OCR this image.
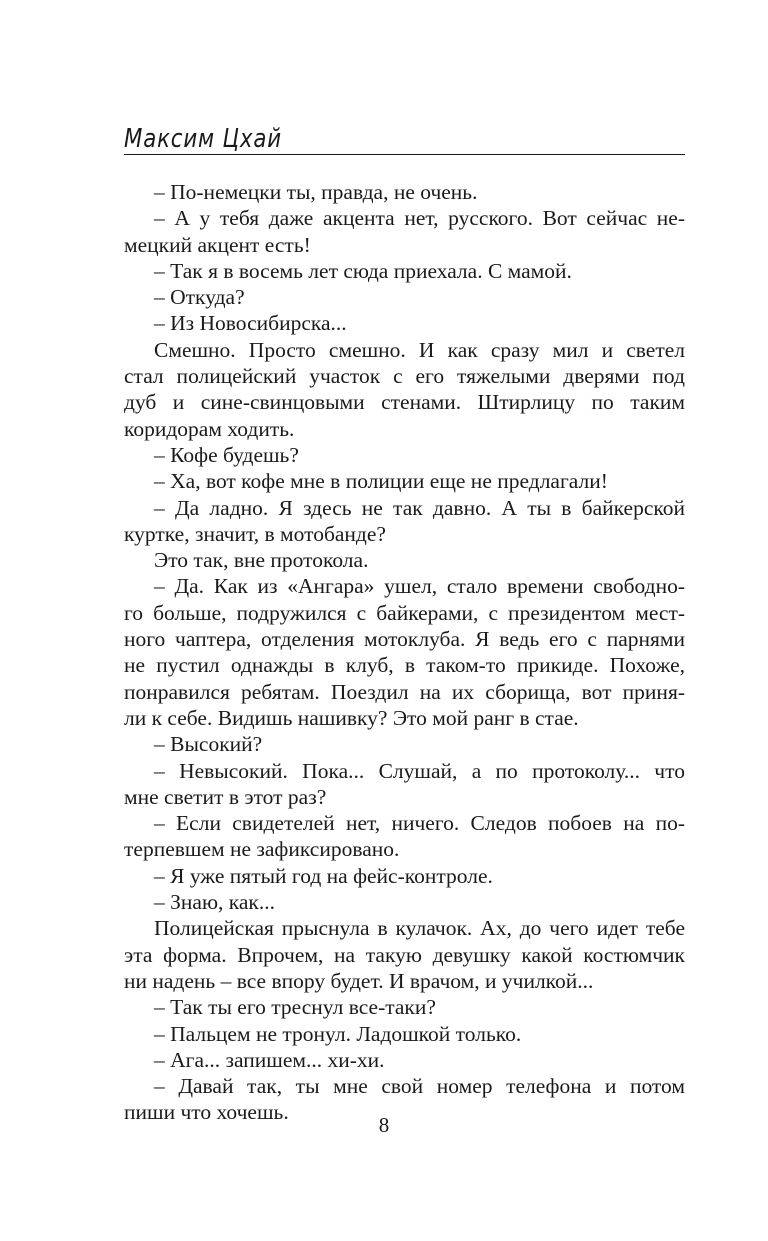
Максим Цхай
– По-немецки ты, правда, не очень.
– А у тебя даже акцента нет, русского. Вот сейчас не-
мецкий акцент есть!
– Так я в восемь лет сюда приехала. С мамой.
– Откуда?
– Из Новосибирска...
Смешно. Просто смешно. И как сразу мил и светел
стал полицейский участок с его тяжелыми дверями под
дуб и сине-свинцовыми стенами. Штирлицу по таким
коридорам ходить.
– Кофе будешь?
– Ха, вот кофе мне в полиции еще не предлагали!
– Да ладно. Я здесь не так давно. А ты в байкерской
куртке, значит, в мотобанде?
Это так, вне протокола.
– Да. Как из «Ангара» ушел, стало времени свободно-
го больше, подружился с байкерами, с президентом мест-
ного чаптера, отделения мотоклуба. Я ведь его с парнями
не пустил однажды в клуб, в таком-то прикиде. Похоже,
понравился ребятам. Поездил на их сборища, вот приня-
ли к себе. Видишь нашивку? Это мой ранг в стае.
– Высокий?
– Невысокий. Пока... Слушай, а по протоколу... что
мне светит в этот раз?
– Если свидетелей нет, ничего. Следов побоев на по-
терпевшем не зафиксировано.
– Я уже пятый год на фейс-контроле.
– Знаю, как...
Полицейская прыснула в кулачок. Ах, до чего идет тебе
эта форма. Впрочем, на такую девушку какой костюмчик
ни надень – все впору будет. И врачом, и училкой...
– Так ты его треснул все-таки?
– Пальцем не тронул. Ладошкой только.
– Ага... запишем... хи-хи.
– Давай так, ты мне свой номер телефона и потом
пиши что хочешь.
8
